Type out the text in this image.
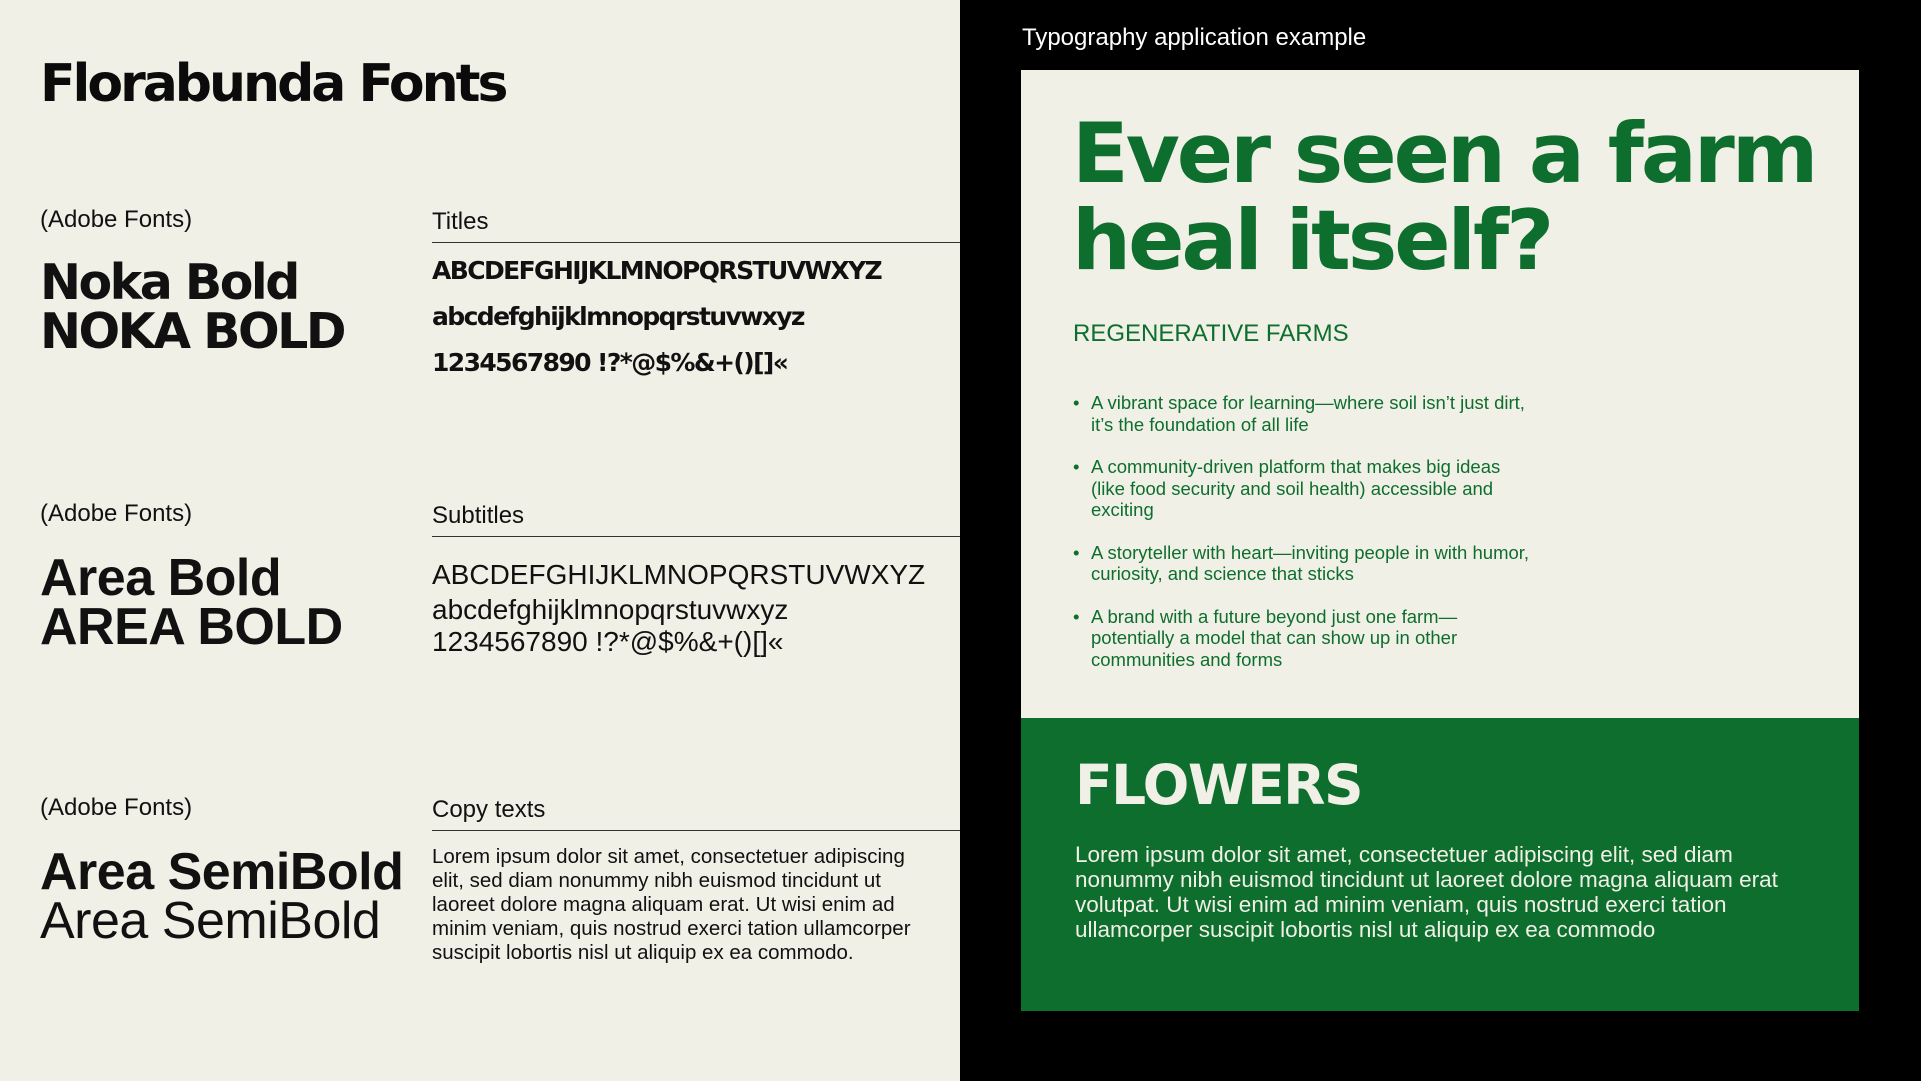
Florabunda Fonts
(Adobe Fonts)	Titles
Noka Bold
NOKA BOLD
ABCDEFGHIJKLMNOPQRSTUVWXYZ
abcdefghijklmnopqrstuvwxyz
1234567890 !?*@$%&+()[]«
(Adobe Fonts)	Subtitles
Area Bold
AREA BOLD
ABCDEFGHIJKLMNOPQRSTUVWXYZ
abcdefghijklmnopqrstuvwxyz
1234567890 !?*@$%&+()[]«
(Adobe Fonts)	Copy texts
Area SemiBold
Area SemiBold
Lorem ipsum dolor sit amet, consectetuer adipiscing elit, sed diam nonummy nibh euismod tincidunt ut laoreet dolore magna aliquam erat. Ut wisi enim ad minim veniam, quis nostrud exerci tation ullamcorper suscipit lobortis nisl ut aliquip ex ea commodo.
Typography application example
Ever seen a farm heal itself?
REGENERATIVE FARMS
• A vibrant space for learning—where soil isn’t just dirt, it’s the foundation of all life
• A community-driven platform that makes big ideas (like food security and soil health) accessible and exciting
• A storyteller with heart—inviting people in with humor, curiosity, and science that sticks
• A brand with a future beyond just one farm—potentially a model that can show up in other communities and forms
FLOWERS
Lorem ipsum dolor sit amet, consectetuer adipiscing elit, sed diam nonummy nibh euismod tincidunt ut laoreet dolore magna aliquam erat volutpat. Ut wisi enim ad minim veniam, quis nostrud exerci tation ullamcorper suscipit lobortis nisl ut aliquip ex ea commodo
